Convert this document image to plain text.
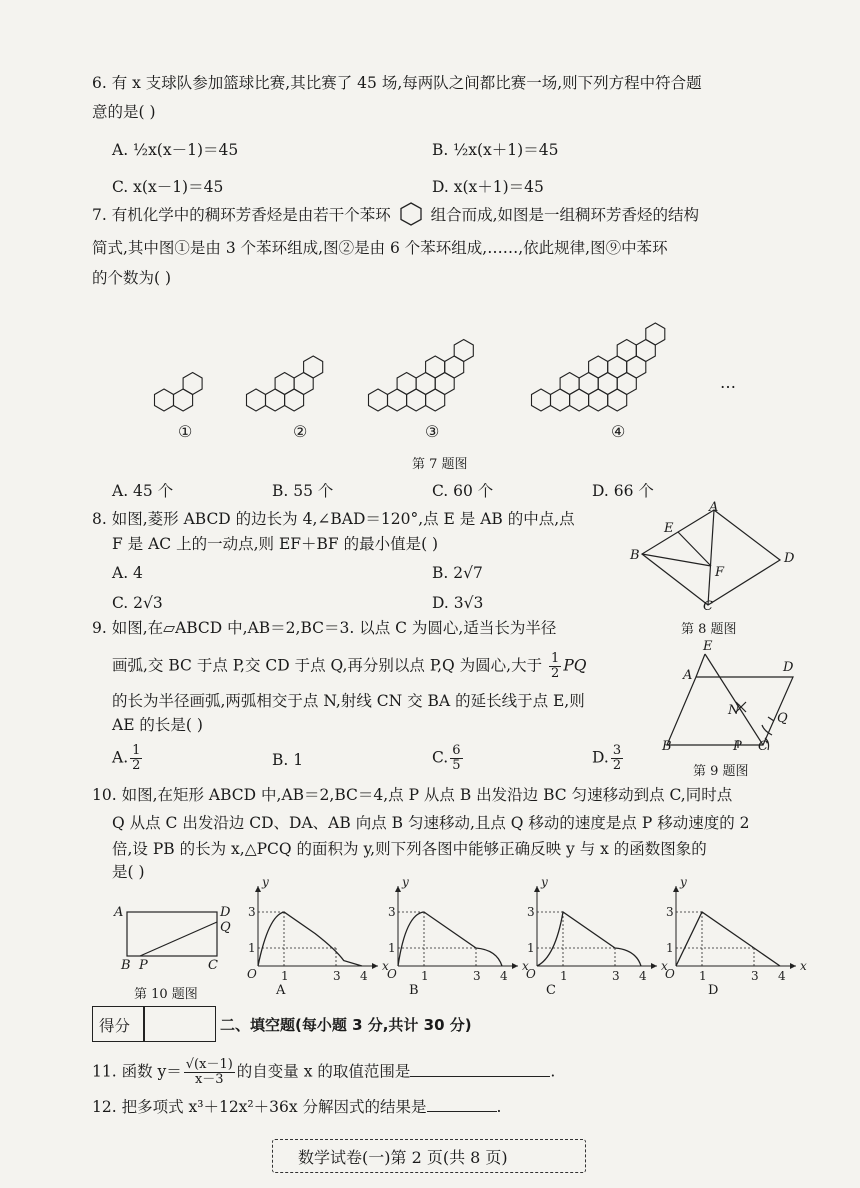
6. 有 x 支球队参加篮球比赛,其比赛了 45 场,每两队之间都比赛一场,则下列方程中符合题
意的是( )
A. ½x(x－1)＝45	B. ½x(x＋1)＝45
C. x(x－1)＝45	D. x(x＋1)＝45
7. 有机化学中的稠环芳香烃是由若干个苯环	组合而成,如图是一组稠环芳香烃的结构
简式,其中图①是由 3 个苯环组成,图②是由 6 个苯环组成,……,依此规律,图⑨中苯环
的个数为( )
①	②	③	④
…
第 7 题图
A. 45 个	B. 55 个	C. 60 个	D. 66 个
8. 如图,菱形 ABCD 的边长为 4,∠BAD＝120°,点 E 是 AB 的中点,点
F 是 AC 上的一动点,则 EF＋BF 的最小值是( )
A. 4	B. 2√7
C. 2√3	D. 3√3
A
B
C
D
E
F
第 8 题图
9. 如图,在▱ABCD 中,AB＝2,BC＝3. 以点 C 为圆心,适当长为半径
画弧,交 BC 于点 P,交 CD 于点 Q,再分别以点 P,Q 为圆心,大于 $\frac{1}{2}$ PQ
的长为半径画弧,两弧相交于点 N,射线 CN 交 BA 的延长线于点 E,则
AE 的长是( )
A. $\frac{1}{2}$	B. 1	C. $\frac{6}{5}$	D. $\frac{3}{2}$
E
A
D
N
Q
B	P C
第 9 题图
10. 如图,在矩形 ABCD 中,AB＝2,BC＝4,点 P 从点 B 出发沿边 BC 匀速移动到点 C,同时点
Q 从点 C 出发沿边 CD、DA、AB 向点 B 匀速移动,且点 Q 移动的速度是点 P 移动速度的 2
倍,设 PB 的长为 x,△PCQ 的面积为 y,则下列各图中能够正确反映 y 与 x 的函数图象的
是( )
A	D
Q
B P	C
第 10 题图
x
y
O 1	3 4
1
3
x
y
O 1	3 4
1
3
x
y
O 1	3 4
1
3
x
y
O 1	3 4
1
3
A	B	C	D
得分	二、填空题(每小题 3 分,共计 30 分)
11. 函数 $y= \frac{√(x-1)}{x-3}$ 的自变量 x 的取值范围是	.
12. 把多项式 x³＋12x²＋36x 分解因式的结果是	.
数学试卷(一)第 2 页(共 8 页)
